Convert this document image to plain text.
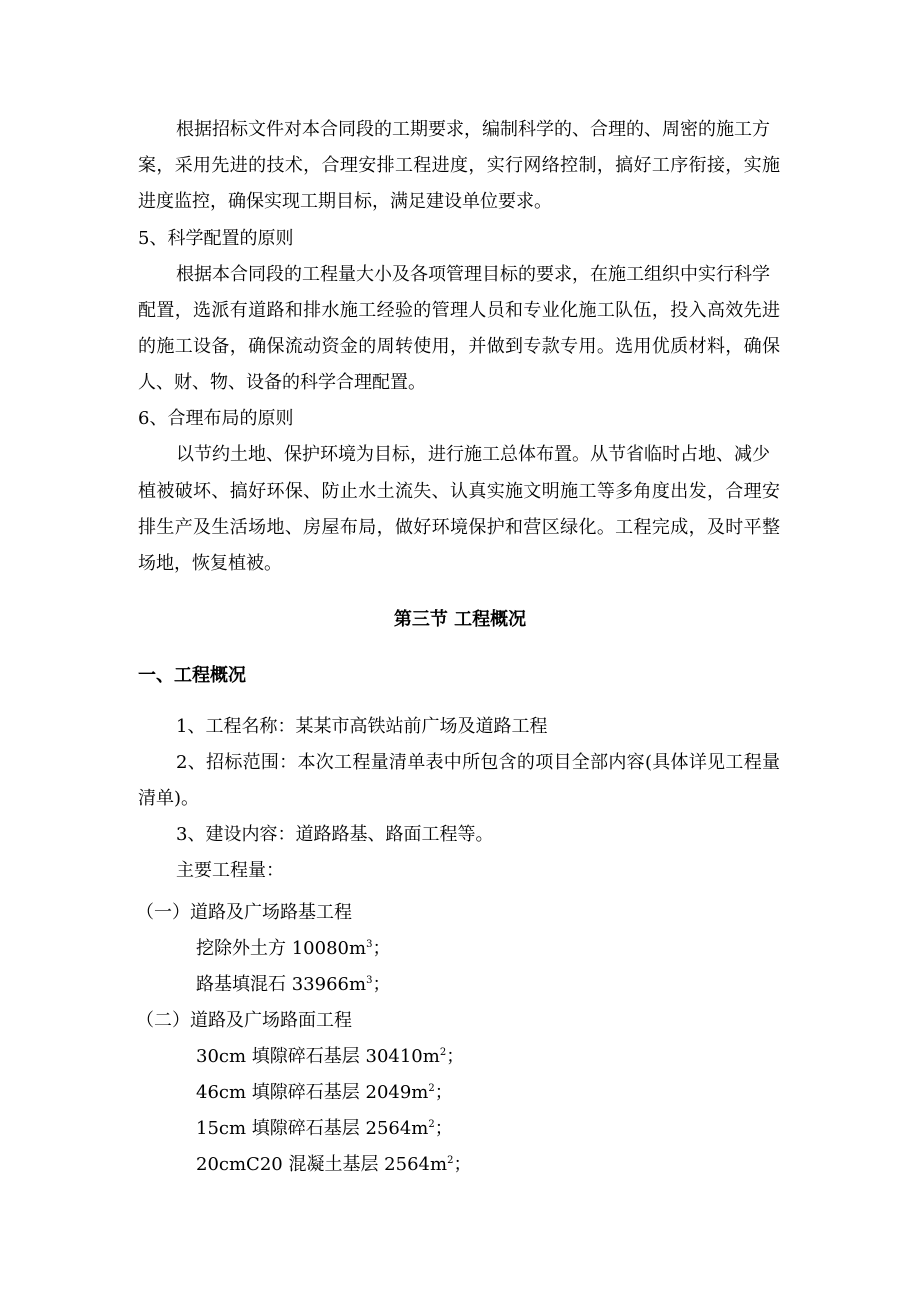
根据招标文件对本合同段的工期要求，编制科学的、合理的、周密的施工方
案，采用先进的技术，合理安排工程进度，实行网络控制，搞好工序衔接，实施
进度监控，确保实现工期目标，满足建设单位要求。
5、科学配置的原则
根据本合同段的工程量大小及各项管理目标的要求，在施工组织中实行科学
配置，选派有道路和排水施工经验的管理人员和专业化施工队伍，投入高效先进
的施工设备，确保流动资金的周转使用，并做到专款专用。选用优质材料，确保
人、财、物、设备的科学合理配置。
6、合理布局的原则
以节约土地、保护环境为目标，进行施工总体布置。从节省临时占地、减少
植被破坏、搞好环保、防止水土流失、认真实施文明施工等多角度出发，合理安
排生产及生活场地、房屋布局，做好环境保护和营区绿化。工程完成，及时平整
场地，恢复植被。
第三节 工程概况
一、工程概况
1、工程名称：某某市高铁站前广场及道路工程
2、招标范围：本次工程量清单表中所包含的项目全部内容(具体详见工程量
清单)。
3、建设内容：道路路基、路面工程等。
主要工程量：
（一）道路及广场路基工程
挖除外土方 $10080m^3$；
路基填混石 $33966m^3$；
（二）道路及广场路面工程
30cm 填隙碎石基层 $30410m^2$；
46cm 填隙碎石基层 $2049m^2$；
15cm 填隙碎石基层 $2564m^2$；
20cmC20 混凝土基层 $2564m^2$；
